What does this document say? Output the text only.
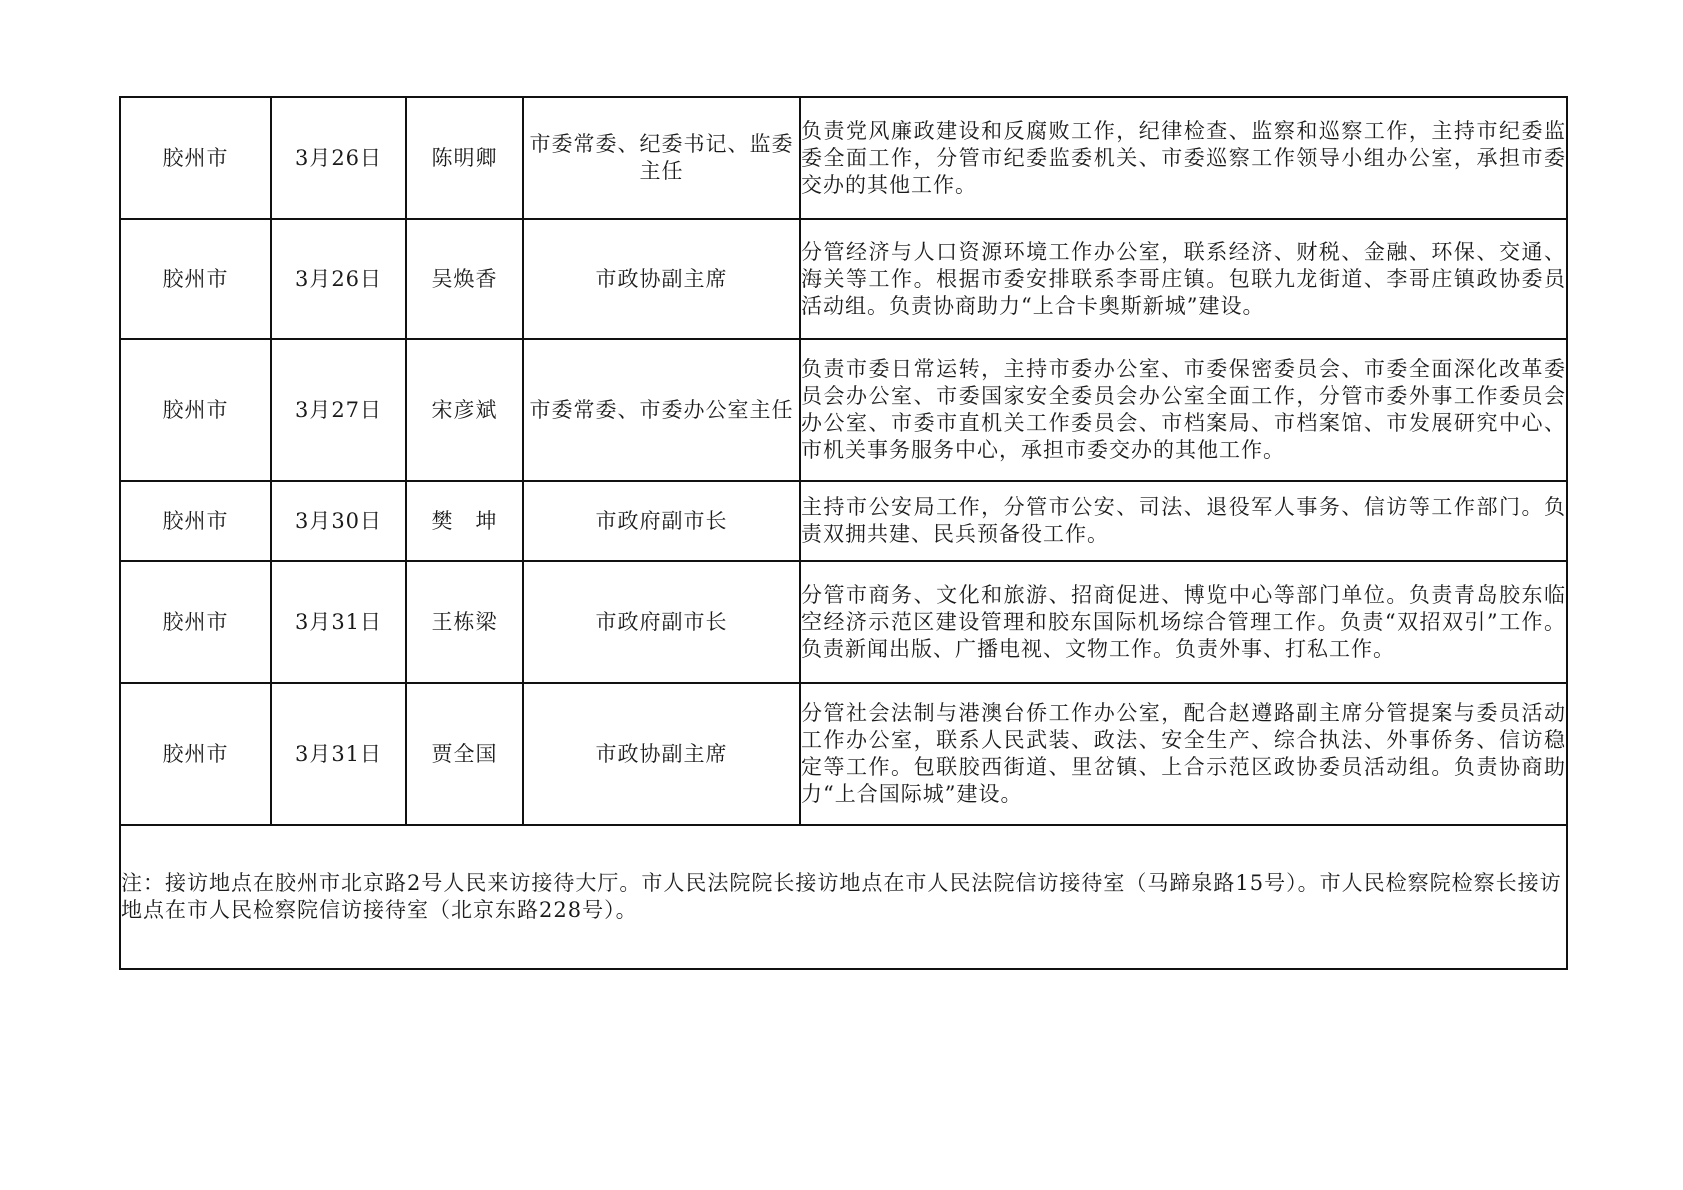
胶州市	3月26日	陈明卿	市委常委、纪委书记、监委主任	负责党风廉政建设和反腐败工作，纪律检查、监察和巡察工作，主持市纪委监委全面工作，分管市纪委监委机关、市委巡察工作领导小组办公室，承担市委交办的其他工作。
胶州市	3月26日	吴焕香	市政协副主席	分管经济与人口资源环境工作办公室，联系经济、财税、金融、环保、交通、海关等工作。根据市委安排联系李哥庄镇。包联九龙街道、李哥庄镇政协委员活动组。负责协商助力“上合卡奥斯新城”建设。
胶州市	3月27日	宋彦斌	市委常委、市委办公室主任	负责市委日常运转，主持市委办公室、市委保密委员会、市委全面深化改革委员会办公室、市委国家安全委员会办公室全面工作，分管市委外事工作委员会办公室、市委市直机关工作委员会、市档案局、市档案馆、市发展研究中心、市机关事务服务中心，承担市委交办的其他工作。
胶州市	3月30日	樊　坤	市政府副市长	主持市公安局工作，分管市公安、司法、退役军人事务、信访等工作部门。负责双拥共建、民兵预备役工作。
胶州市	3月31日	王栋梁	市政府副市长	分管市商务、文化和旅游、招商促进、博览中心等部门单位。负责青岛胶东临空经济示范区建设管理和胶东国际机场综合管理工作。负责“双招双引”工作。负责新闻出版、广播电视、文物工作。负责外事、打私工作。
胶州市	3月31日	贾全国	市政协副主席	分管社会法制与港澳台侨工作办公室，配合赵遵路副主席分管提案与委员活动工作办公室，联系人民武装、政法、安全生产、综合执法、外事侨务、信访稳定等工作。包联胶西街道、里岔镇、上合示范区政协委员活动组。负责协商助力“上合国际城”建设。
注：接访地点在胶州市北京路2号人民来访接待大厅。市人民法院院长接访地点在市人民法院信访接待室（马蹄泉路15号）。市人民检察院检察长接访地点在市人民检察院信访接待室（北京东路228号）。				
